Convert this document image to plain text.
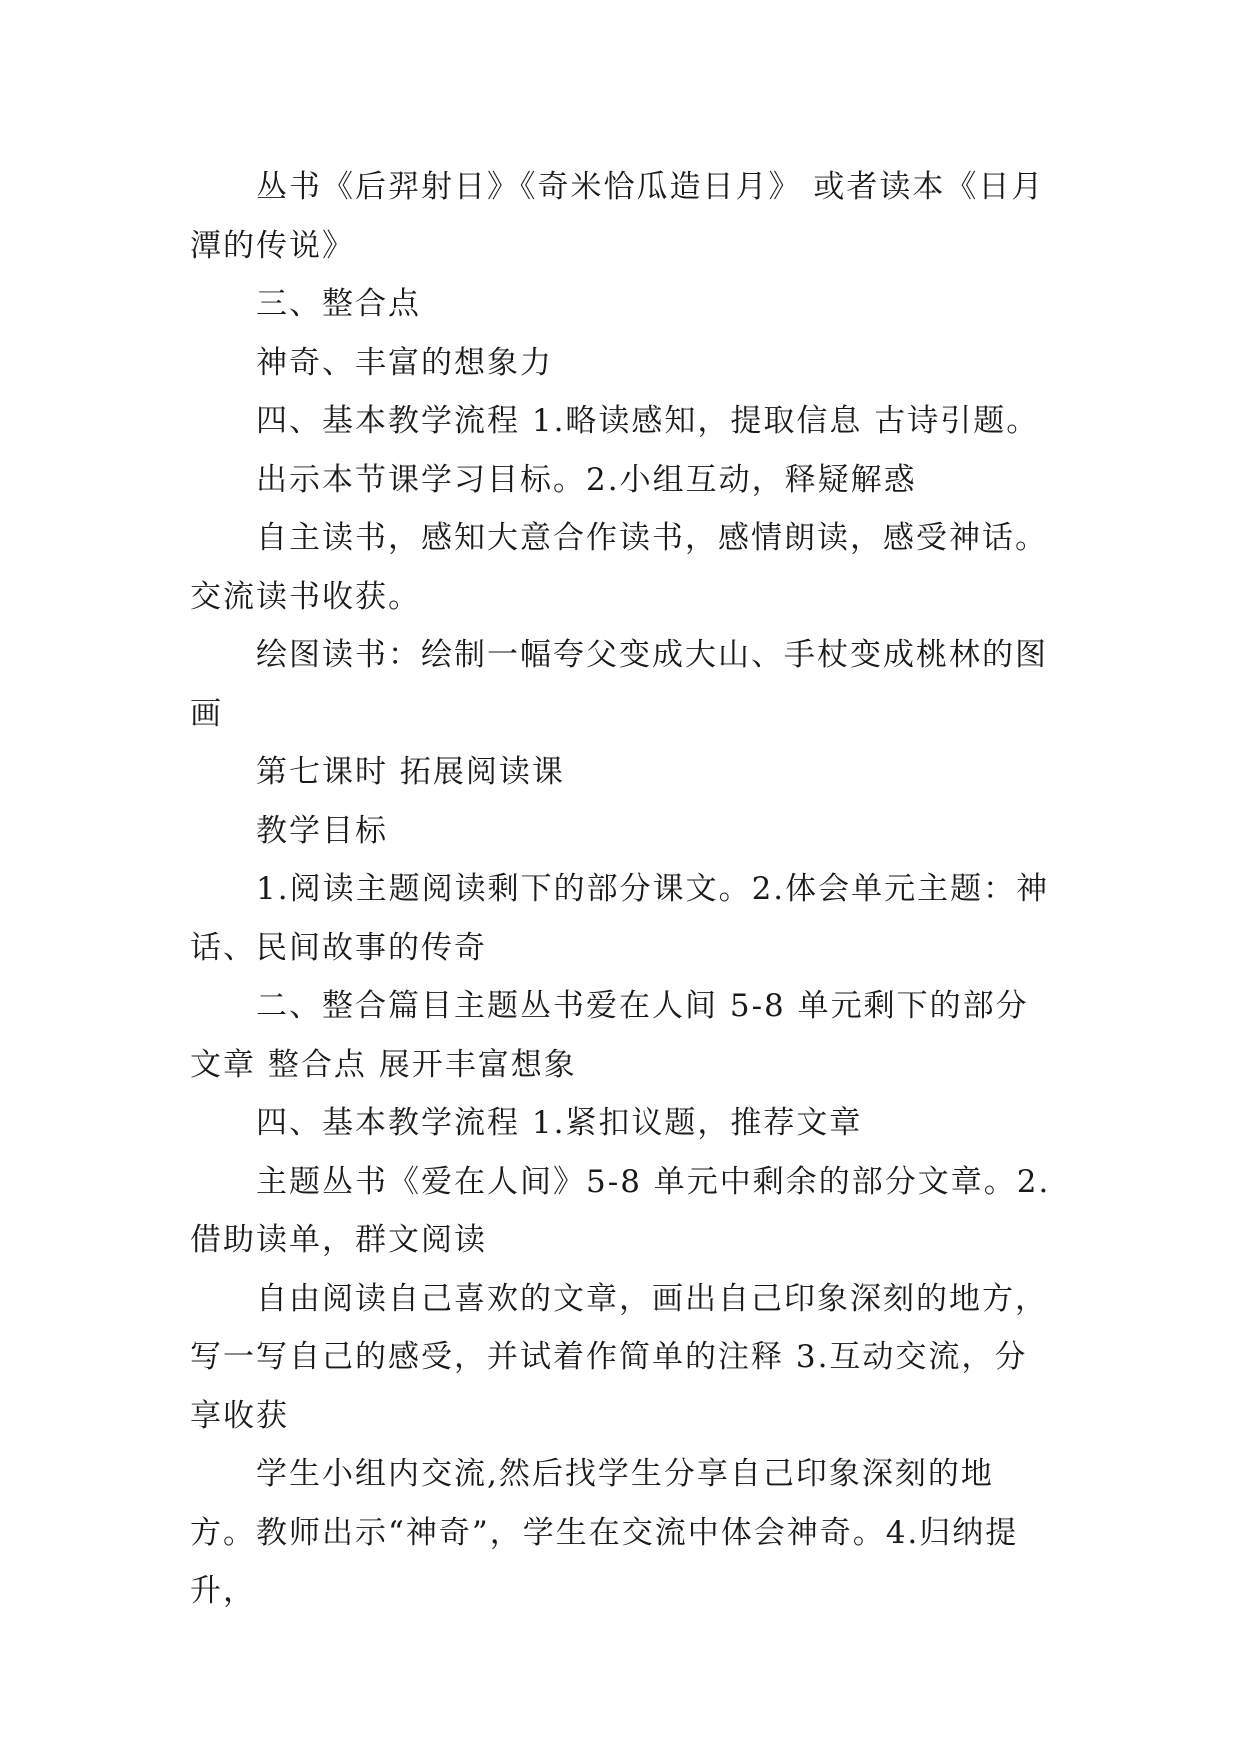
丛书《后羿射日》《奇米恰瓜造日月》 或者读本《日月潭的传说》

三、整合点

神奇、丰富的想象力

四、基本教学流程 1.略读感知，提取信息 古诗引题。

出示本节课学习目标。2.小组互动，释疑解惑

自主读书，感知大意合作读书，感情朗读，感受神话。交流读书收获。

绘图读书：绘制一幅夸父变成大山、手杖变成桃林的图画

第七课时 拓展阅读课

教学目标

1.阅读主题阅读剩下的部分课文。2.体会单元主题：神话、民间故事的传奇

二、整合篇目主题丛书爱在人间 5-8 单元剩下的部分文章 整合点 展开丰富想象

四、基本教学流程 1.紧扣议题，推荐文章

主题丛书《爱在人间》5-8 单元中剩余的部分文章。2.借助读单，群文阅读

自由阅读自己喜欢的文章，画出自己印象深刻的地方，写一写自己的感受，并试着作简单的注释 3.互动交流，分享收获

学生小组内交流,然后找学生分享自己印象深刻的地方。教师出示“神奇”，学生在交流中体会神奇。4.归纳提升，
